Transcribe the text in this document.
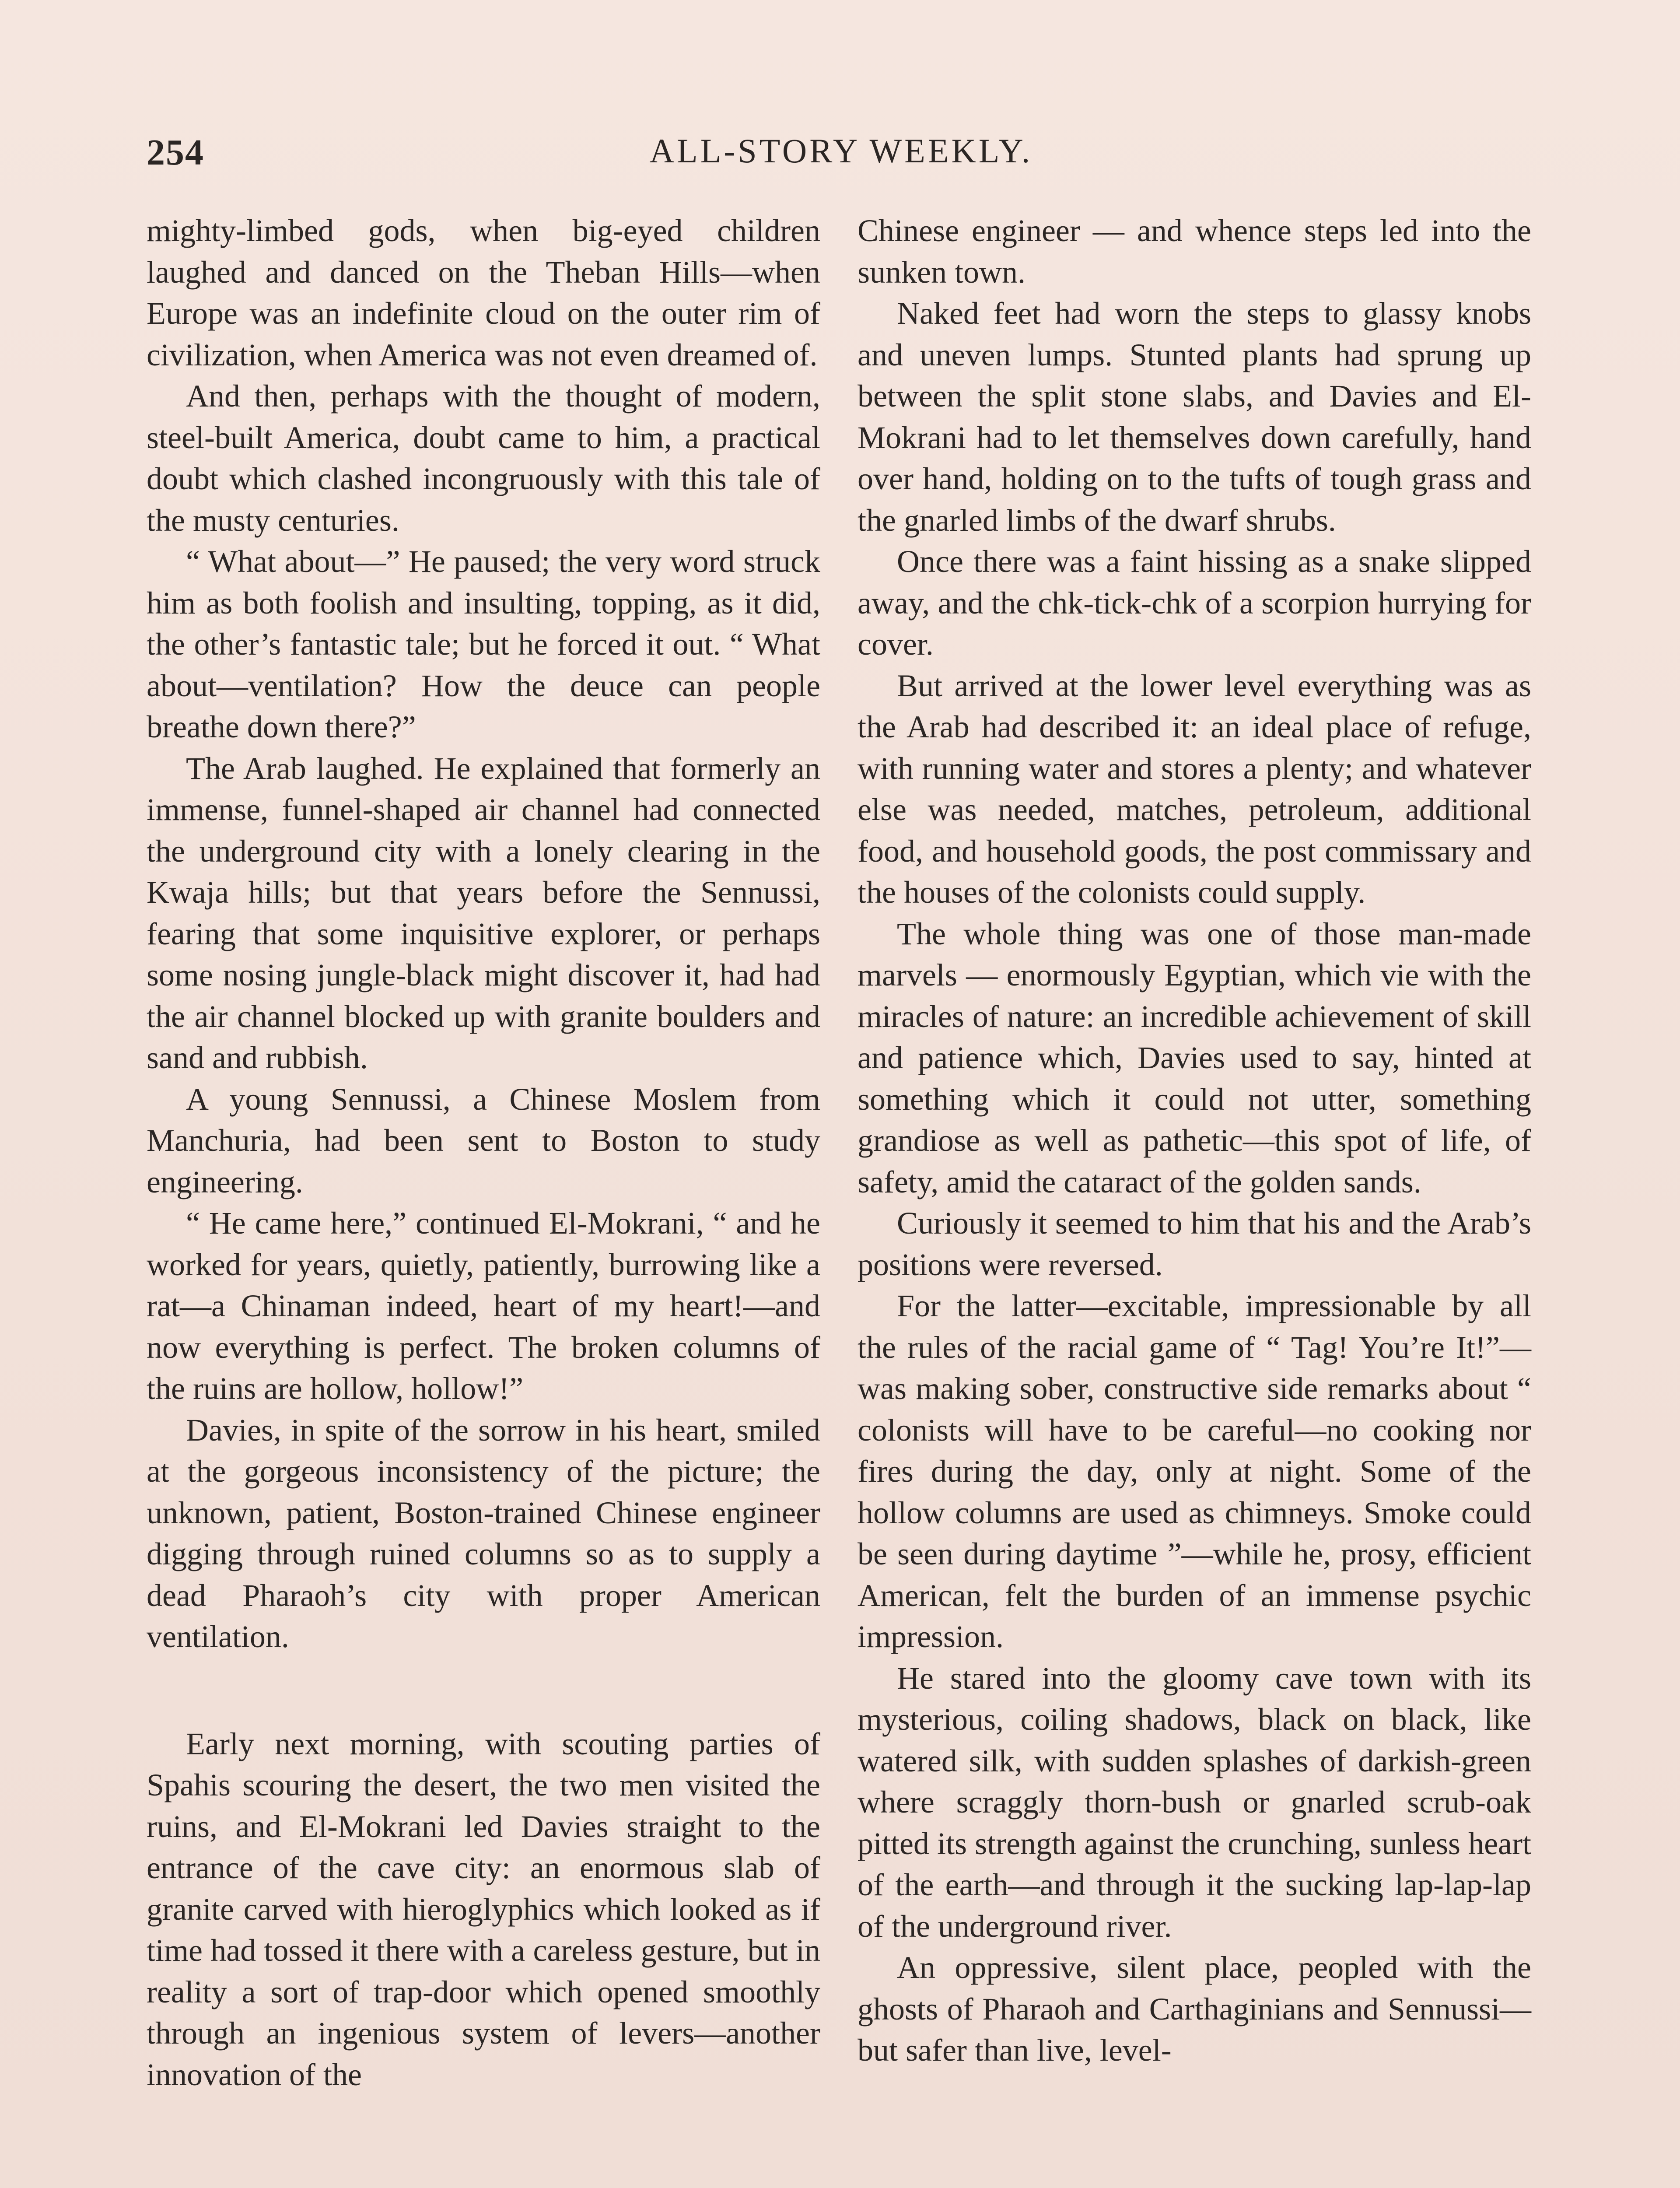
254	ALL-STORY WEEKLY.

mighty-limbed gods, when big-eyed children laughed and danced on the Theban Hills—when Europe was an indefinite cloud on the outer rim of civilization, when America was not even dreamed of.

And then, perhaps with the thought of modern, steel-built America, doubt came to him, a practical doubt which clashed incongruously with this tale of the musty centuries.

“ What about—” He paused; the very word struck him as both foolish and insulting, topping, as it did, the other’s fantastic tale; but he forced it out. “ What about—ventilation? How the deuce can people breathe down there?”

The Arab laughed. He explained that formerly an immense, funnel-shaped air channel had connected the underground city with a lonely clearing in the Kwaja hills; but that years before the Sennussi, fearing that some inquisitive explorer, or perhaps some nosing jungle-black might discover it, had had the air channel blocked up with granite boulders and sand and rubbish.

A young Sennussi, a Chinese Moslem from Manchuria, had been sent to Boston to study engineering.

“ He came here,” continued El-Mokrani, “ and he worked for years, quietly, patiently, burrowing like a rat—a Chinaman indeed, heart of my heart!—and now everything is perfect. The broken columns of the ruins are hollow, hollow!”

Davies, in spite of the sorrow in his heart, smiled at the gorgeous inconsistency of the picture; the unknown, patient, Boston-trained Chinese engineer digging through ruined columns so as to supply a dead Pharaoh’s city with proper American ventilation.

Early next morning, with scouting parties of Spahis scouring the desert, the two men visited the ruins, and El-Mokrani led Davies straight to the entrance of the cave city: an enormous slab of granite carved with hieroglyphics which looked as if time had tossed it there with a careless gesture, but in reality a sort of trap-door which opened smoothly through an ingenious system of levers—another innovation of the

Chinese engineer — and whence steps led into the sunken town.

Naked feet had worn the steps to glassy knobs and uneven lumps. Stunted plants had sprung up between the split stone slabs, and Davies and El-Mokrani had to let themselves down carefully, hand over hand, holding on to the tufts of tough grass and the gnarled limbs of the dwarf shrubs.

Once there was a faint hissing as a snake slipped away, and the chk-tick-chk of a scorpion hurrying for cover.

But arrived at the lower level everything was as the Arab had described it: an ideal place of refuge, with running water and stores a plenty; and whatever else was needed, matches, petroleum, additional food, and household goods, the post commissary and the houses of the colonists could supply.

The whole thing was one of those man-made marvels — enormously Egyptian, which vie with the miracles of nature: an incredible achievement of skill and patience which, Davies used to say, hinted at something which it could not utter, something grandiose as well as pathetic—this spot of life, of safety, amid the cataract of the golden sands.

Curiously it seemed to him that his and the Arab’s positions were reversed.

For the latter—excitable, impressionable by all the rules of the racial game of “ Tag! You’re It!”—was making sober, constructive side remarks about “ colonists will have to be careful—no cooking nor fires during the day, only at night. Some of the hollow columns are used as chimneys. Smoke could be seen during daytime ”—while he, prosy, efficient American, felt the burden of an immense psychic impression.

He stared into the gloomy cave town with its mysterious, coiling shadows, black on black, like watered silk, with sudden splashes of darkish-green where scraggly thorn-bush or gnarled scrub-oak pitted its strength against the crunching, sunless heart of the earth—and through it the sucking lap-lap-lap of the underground river.

An oppressive, silent place, peopled with the ghosts of Pharaoh and Carthaginians and Sennussi—but safer than live, level-
